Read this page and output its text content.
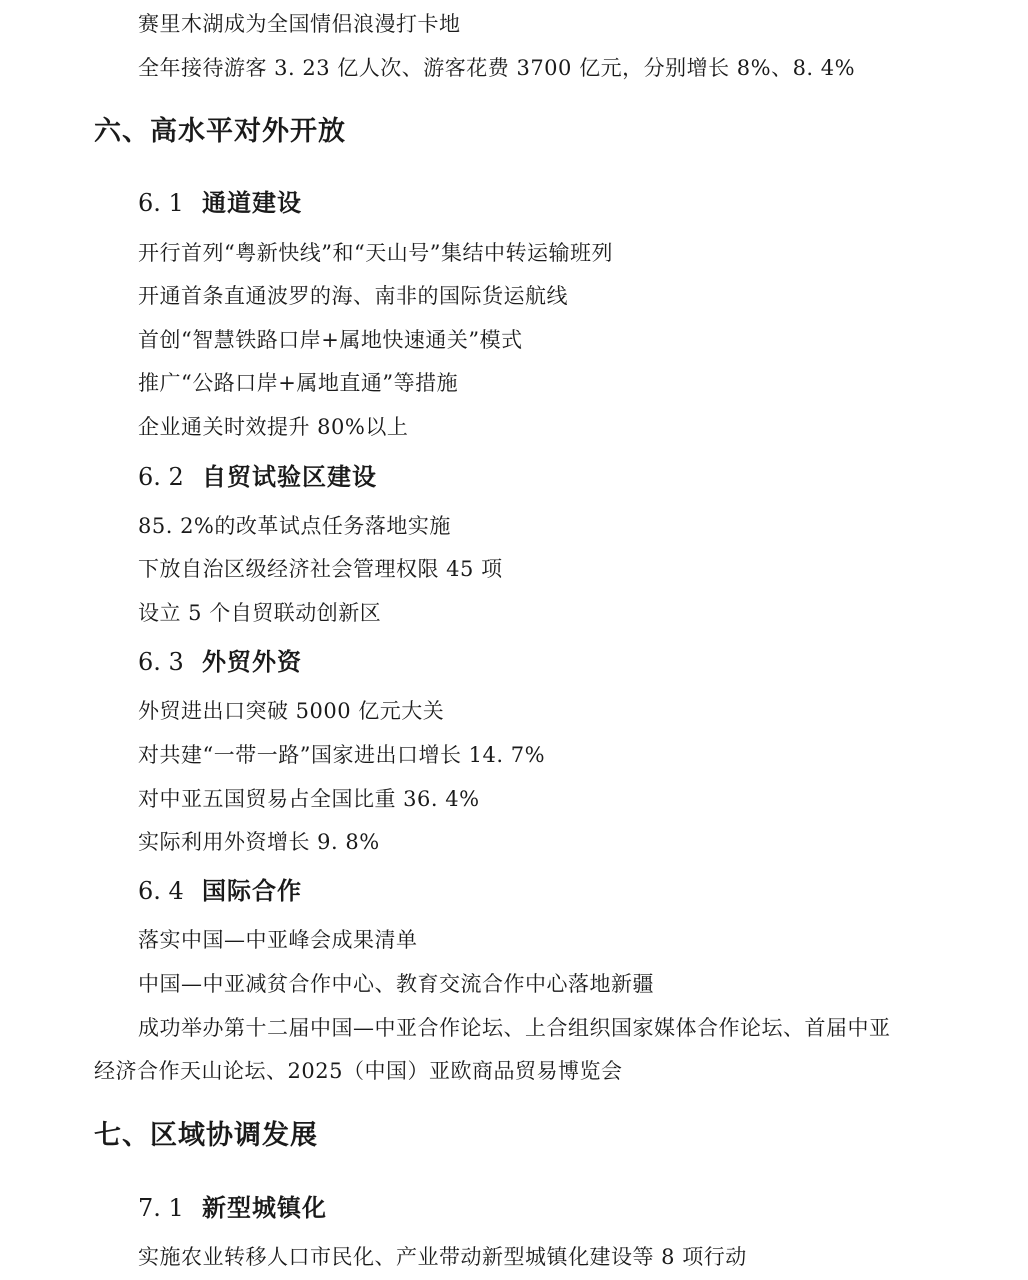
赛里木湖成为全国情侣浪漫打卡地
全年接待游客 3. 23 亿人次、游客花费 3700 亿元，分别增长 8%、8. 4%
六、高水平对外开放
6. 1 通道建设
开行首列“粤新快线”和“天山号”集结中转运输班列
开通首条直通波罗的海、南非的国际货运航线
首创“智慧铁路口岸+属地快速通关”模式
推广“公路口岸+属地直通”等措施
企业通关时效提升 80%以上
6. 2 自贸试验区建设
85. 2%的改革试点任务落地实施
下放自治区级经济社会管理权限 45 项
设立 5 个自贸联动创新区
6. 3 外贸外资
外贸进出口突破 5000 亿元大关
对共建“一带一路”国家进出口增长 14. 7%
对中亚五国贸易占全国比重 36. 4%
实际利用外资增长 9. 8%
6. 4 国际合作
落实中国—中亚峰会成果清单
中国—中亚减贫合作中心、教育交流合作中心落地新疆
成功举办第十二届中国—中亚合作论坛、上合组织国家媒体合作论坛、首届中亚
经济合作天山论坛、2025（中国）亚欧商品贸易博览会
七、区域协调发展
7. 1 新型城镇化
实施农业转移人口市民化、产业带动新型城镇化建设等 8 项行动
